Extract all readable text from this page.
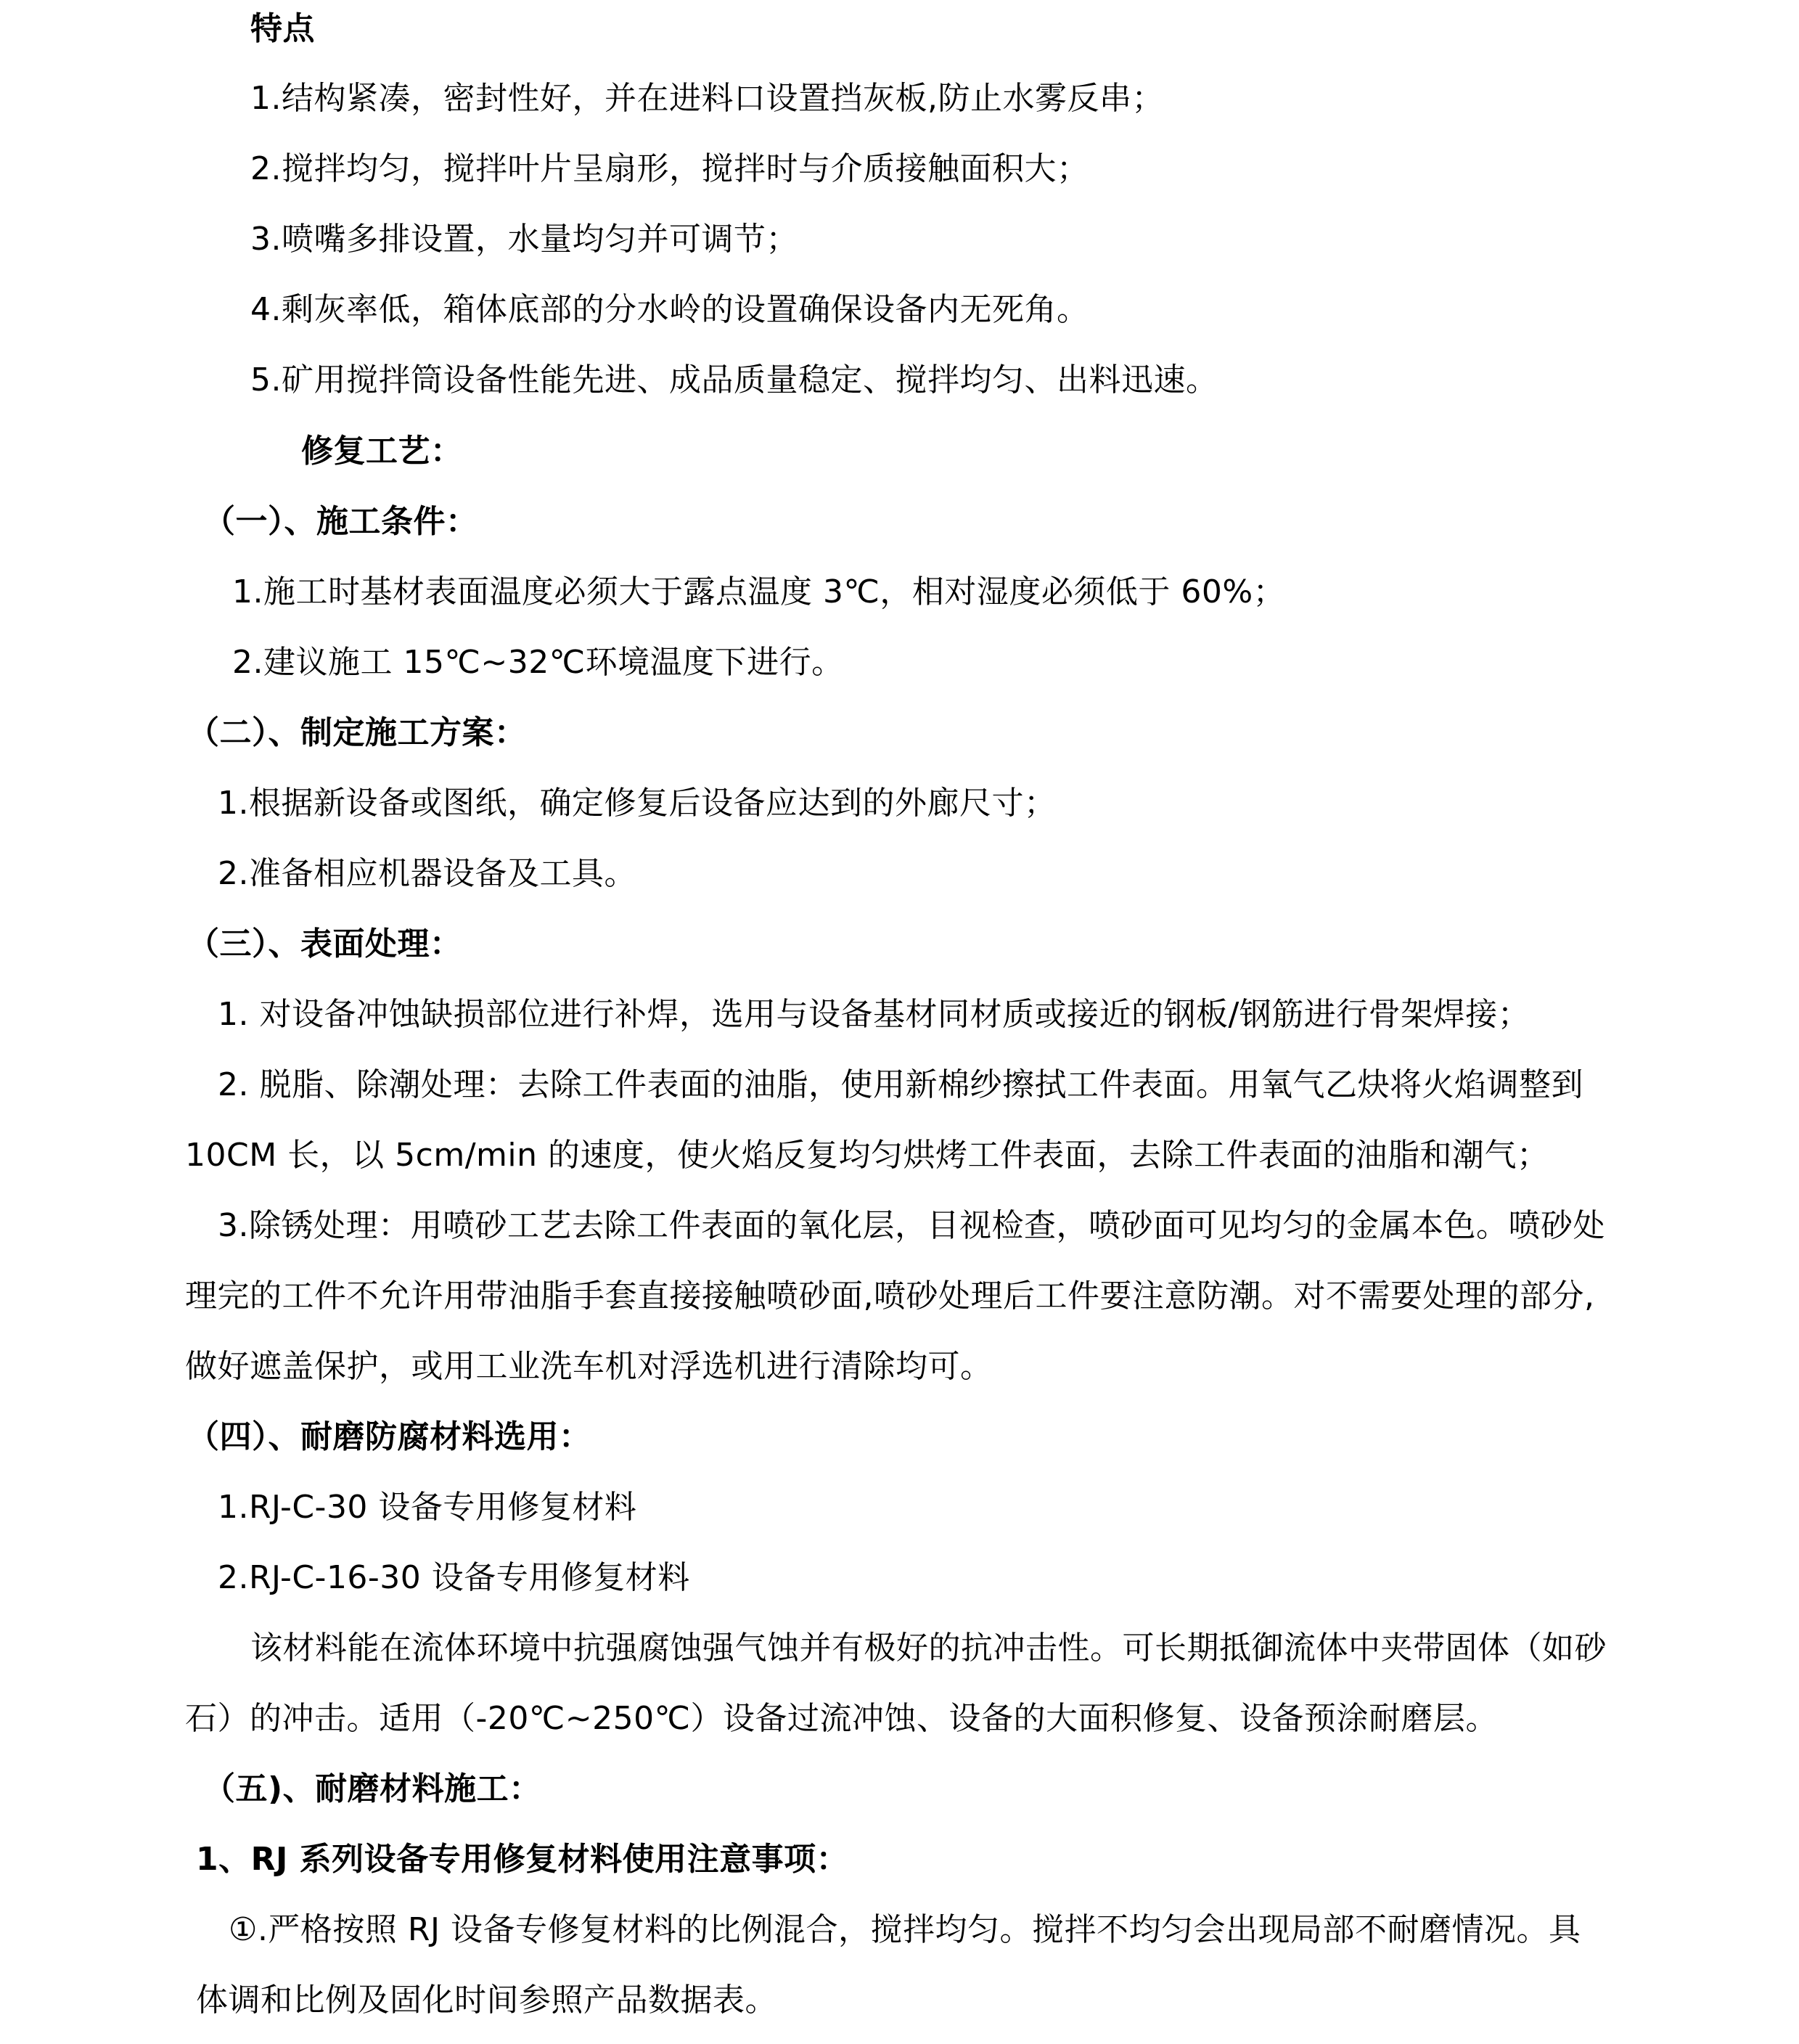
特点
1.结构紧凑，密封性好，并在进料口设置挡灰板,防止水雾反串；
2.搅拌均匀，搅拌叶片呈扇形，搅拌时与介质接触面积大；
3.喷嘴多排设置，水量均匀并可调节；
4.剩灰率低，箱体底部的分水岭的设置确保设备内无死角。
5.矿用搅拌筒设备性能先进、成品质量稳定、搅拌均匀、出料迅速。
修复工艺：
（一）、施工条件：
1.施工时基材表面温度必须大于露点温度 3℃，相对湿度必须低于 60%；
2.建议施工 15℃~32℃环境温度下进行。
（二）、制定施工方案：
1.根据新设备或图纸，确定修复后设备应达到的外廊尺寸；
2.准备相应机器设备及工具。
（三）、表面处理：
1. 对设备冲蚀缺损部位进行补焊，选用与设备基材同材质或接近的钢板/钢筋进行骨架焊接；
2. 脱脂、除潮处理：去除工件表面的油脂，使用新棉纱擦拭工件表面。用氧气乙炔将火焰调整到
10CM 长，以 5cm/min 的速度，使火焰反复均匀烘烤工件表面，去除工件表面的油脂和潮气；
3.除锈处理：用喷砂工艺去除工件表面的氧化层，目视检查，喷砂面可见均匀的金属本色。喷砂处
理完的工件不允许用带油脂手套直接接触喷砂面,喷砂处理后工件要注意防潮。对不需要处理的部分,
做好遮盖保护，或用工业洗车机对浮选机进行清除均可。
（四）、耐磨防腐材料选用：
1.RJ-C-30 设备专用修复材料
2.RJ-C-16-30 设备专用修复材料
该材料能在流体环境中抗强腐蚀强气蚀并有极好的抗冲击性。可长期抵御流体中夹带固体（如砂
石）的冲击。适用（-20℃~250℃）设备过流冲蚀、设备的大面积修复、设备预涂耐磨层。
（五)、耐磨材料施工：
1、RJ 系列设备专用修复材料使用注意事项：
①.严格按照 RJ 设备专修复材料的比例混合，搅拌均匀。搅拌不均匀会出现局部不耐磨情况。具
体调和比例及固化时间参照产品数据表。
